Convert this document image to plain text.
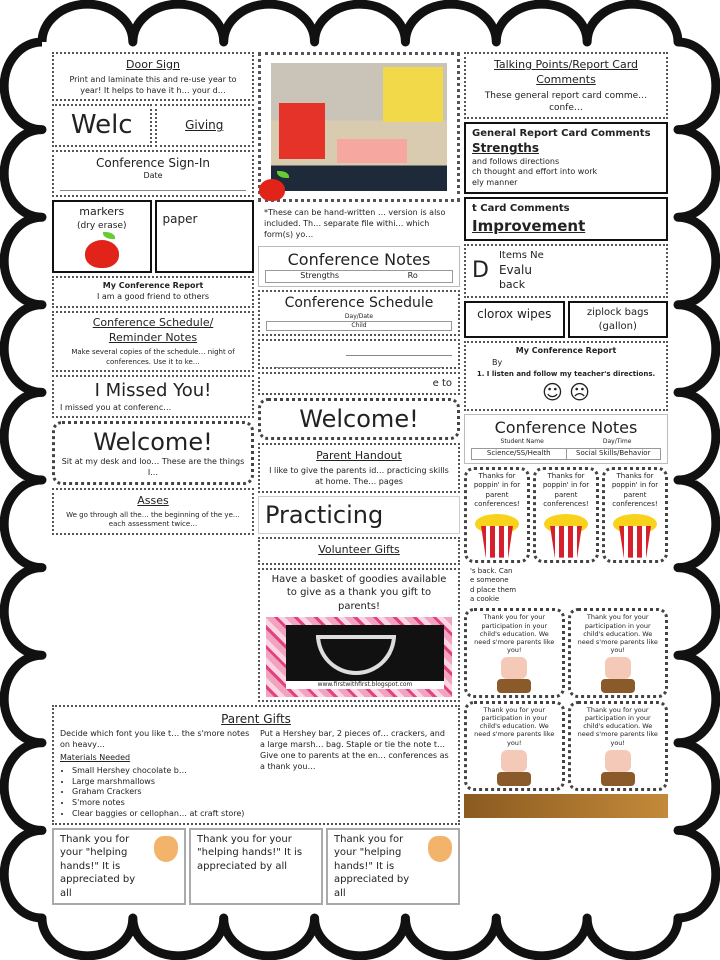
Door Sign
Print and laminate this and re-use year to year! It helps to have it h… your d…
Welc	Giving
Conference Sign-In
Date
markers
(dry erase)	paper
My Conference Report
I am a good friend to others
Conference Schedule/
Reminder Notes
Make several copies of the schedule… night of conferences. Use it to ke…
I Missed You!
I missed you at conferenc…
Welcome!
Sit at my desk and loo… These are the things I…
Asses
We go through all the… the beginning of the ye… each assessment twice…
*These can be hand-written … version is also included. Th… separate file withi… which form(s) yo…
Conference Notes
Strengths	Ro
Conference Schedule
Day/Date
Child
e to
Welcome!
Parent Handout
I like to give the parents id… practicing skills at home. The… pages
Practicing
Volunteer Gifts
Have a basket of goodies available to give as a thank you gift to parents!
www.firstwithfirst.blogspot.com
Parent Gifts
Decide which font you like t… the s'more notes on heavy…
Materials Needed
• Small Hershey chocolate b…
• Large marshmallows
• Graham Crackers
• S'more notes
• Clear baggies or cellophan… at craft store)
Put a Hershey bar, 2 pieces of… crackers, and a large marsh… bag. Staple or tie the note t… Give one to parents at the en… conferences as a thank you…
Thank you for your "helping hands!" It is appreciated by all
Thank you for your "helping hands!" It is appreciated by all
Thank you for your "helping hands!" It is appreciated by all
Talking Points/Report Card Comments
These general report card comme… confe…
General Report Card Comments
Strengths
and follows directions
ch thought and effort into work
ely manner
t Card Comments
Improvement
D
Items Ne
Evalu
back
clorox wipes	ziplock bags
(gallon)
My Conference Report
By
1. I listen and follow my teacher's directions.
☺ ☹
Conference Notes
Student Name	Day/Time
Science/SS/Health	Social Skills/Behavior
Thanks for poppin' in for parent conferences!
Thanks for poppin' in for parent conferences!
Thanks for poppin' in for parent conferences!
's back. Can
e someone
d place them
a cookie
Thank you for your participation in your child's education. We need s'more parents like you!
Thank you for your participation in your child's education. We need s'more parents like you!
Thank you for your participation in your child's education. We need s'more parents like you!
Thank you for your participation in your child's education. We need s'more parents like you!
